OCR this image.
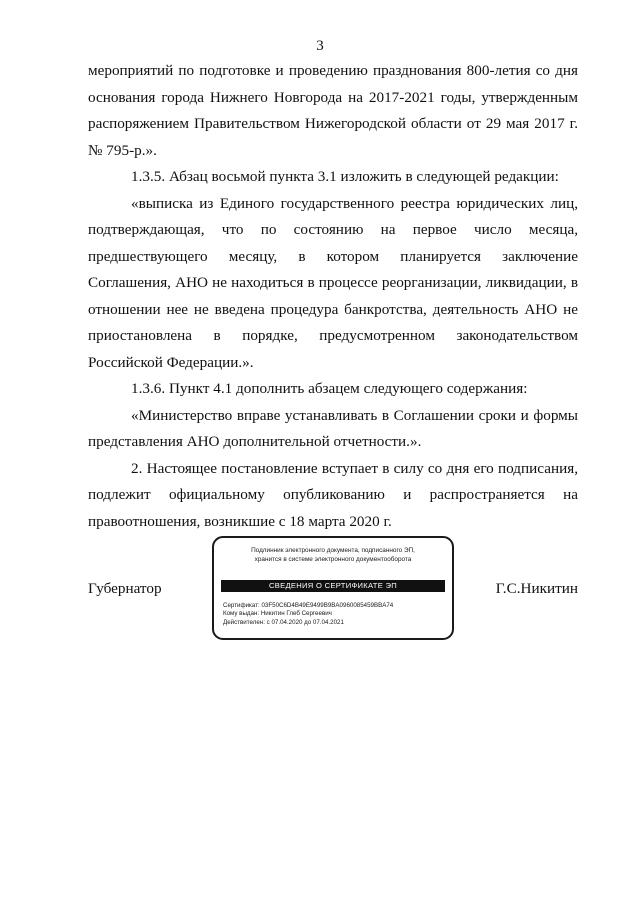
3

мероприятий по подготовке и проведению празднования 800-летия со дня основания города Нижнего Новгорода на 2017-2021 годы, утвержденным распоряжением Правительством Нижегородской области от 29 мая 2017 г. № 795-р.».

1.3.5. Абзац восьмой пункта 3.1 изложить в следующей редакции:

«выписка из Единого государственного реестра юридических лиц, подтверждающая, что по состоянию на первое число месяца, предшествующего месяцу, в котором планируется заключение Соглашения, АНО не находиться в процессе реорганизации, ликвидации, в отношении нее не введена процедура банкротства, деятельность АНО не приостановлена в порядке, предусмотренном законодательством Российской Федерации.».

1.3.6. Пункт 4.1 дополнить абзацем следующего содержания:

«Министерство вправе устанавливать в Соглашении сроки и формы представления АНО дополнительной отчетности.».

2. Настоящее постановление вступает в силу со дня его подписания, подлежит официальному опубликованию и распространяется на правоотношения, возникшие с 18 марта 2020 г.

Губернатор
Подлинник электронного документа, подписанного ЭП,
хранится в системе электронного документооборота
СВЕДЕНИЯ О СЕРТИФИКАТЕ ЭП
Сертификат: 03F50C6D4B49E9499B9BA0960085459BBA74
Кому выдан: Никитин Глеб Сергеевич
Действителен: с 07.04.2020 до 07.04.2021
Г.С.Никитин
